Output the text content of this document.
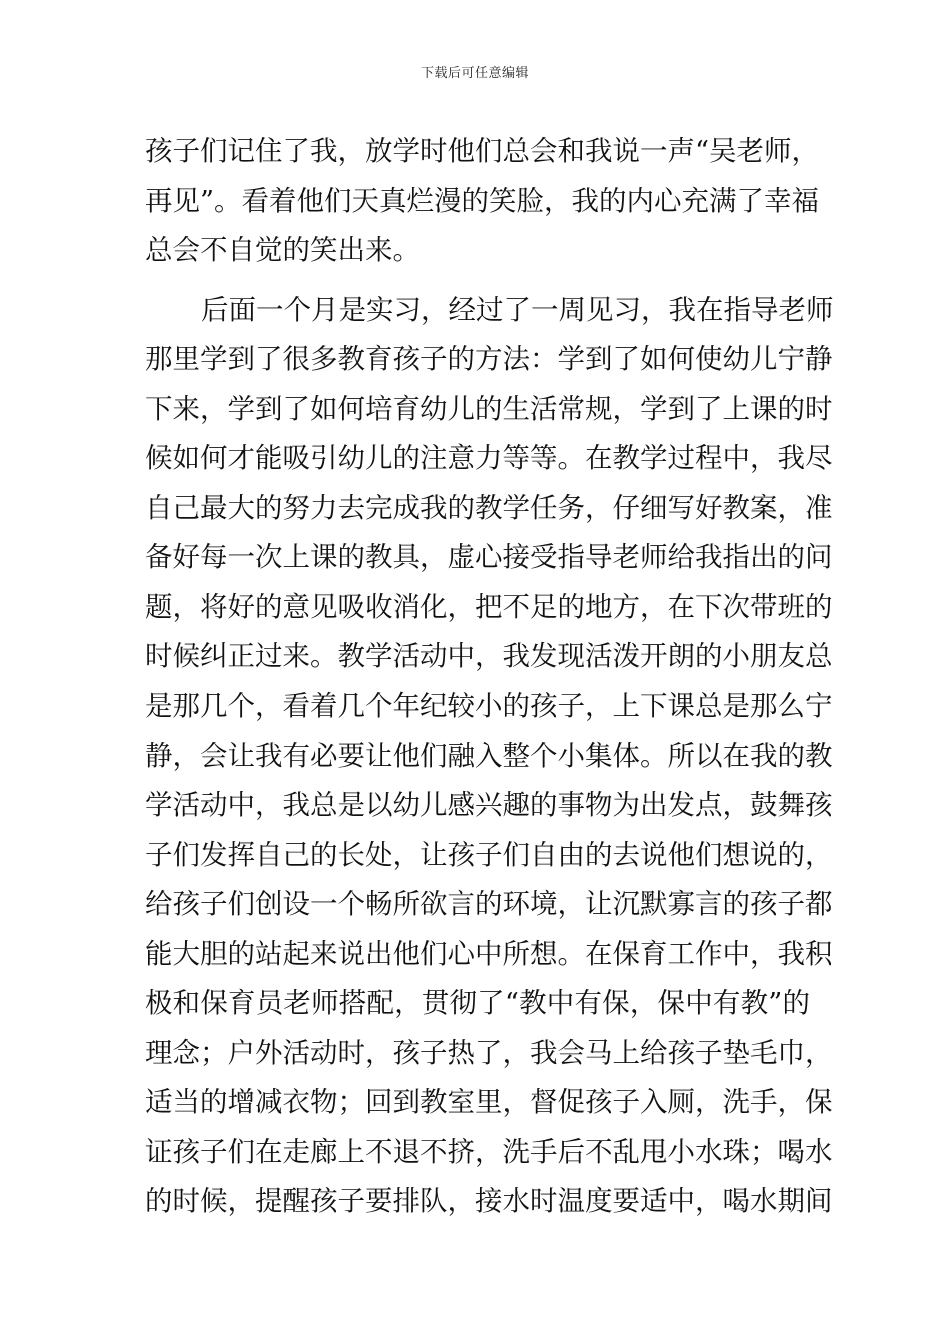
下载后可任意编辑
孩子们记住了我，放学时他们总会和我说一声“吴老师，
再见”。看着他们天真烂漫的笑脸，我的内心充满了幸福
总会不自觉的笑出来。
后面一个月是实习，经过了一周见习，我在指导老师
那里学到了很多教育孩子的方法：学到了如何使幼儿宁静
下来，学到了如何培育幼儿的生活常规，学到了上课的时
候如何才能吸引幼儿的注意力等等。在教学过程中，我尽
自己最大的努力去完成我的教学任务，仔细写好教案，准
备好每一次上课的教具，虚心接受指导老师给我指出的问
题，将好的意见吸收消化，把不足的地方，在下次带班的
时候纠正过来。教学活动中，我发现活泼开朗的小朋友总
是那几个，看着几个年纪较小的孩子，上下课总是那么宁
静，会让我有必要让他们融入整个小集体。所以在我的教
学活动中，我总是以幼儿感兴趣的事物为出发点，鼓舞孩
子们发挥自己的长处，让孩子们自由的去说他们想说的，
给孩子们创设一个畅所欲言的环境，让沉默寡言的孩子都
能大胆的站起来说出他们心中所想。在保育工作中，我积
极和保育员老师搭配，贯彻了“教中有保，保中有教”的
理念；户外活动时，孩子热了，我会马上给孩子垫毛巾，
适当的增减衣物；回到教室里，督促孩子入厕，洗手，保
证孩子们在走廊上不退不挤，洗手后不乱甩小水珠；喝水
的时候，提醒孩子要排队，接水时温度要适中，喝水期间
